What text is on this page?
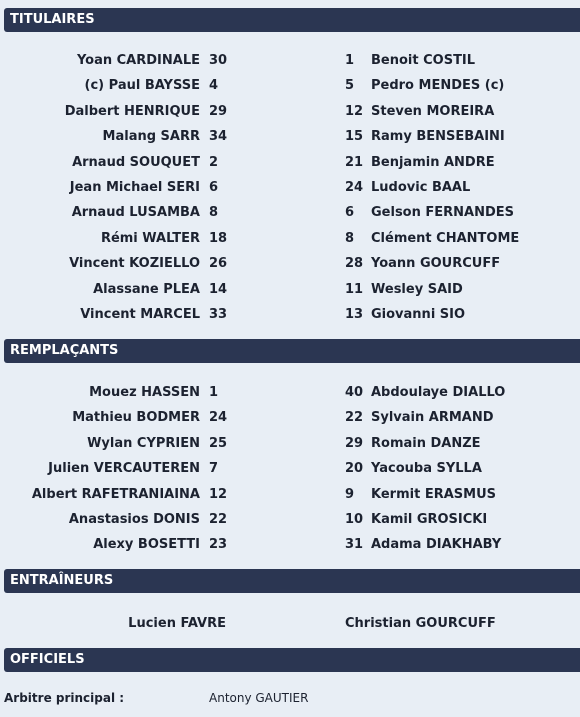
TITULAIRES
Yoan CARDINALE 30	1 Benoit COSTIL
(c) Paul BAYSSE 4	5 Pedro MENDES (c)
Dalbert HENRIQUE 29	12 Steven MOREIRA
Malang SARR 34	15 Ramy BENSEBAINI
Arnaud SOUQUET 2	21 Benjamin ANDRE
Jean Michael SERI 6	24 Ludovic BAAL
Arnaud LUSAMBA 8	6 Gelson FERNANDES
Rémi WALTER 18	8 Clément CHANTOME
Vincent KOZIELLO 26	28 Yoann GOURCUFF
Alassane PLEA 14	11 Wesley SAID
Vincent MARCEL 33	13 Giovanni SIO
REMPLAÇANTS
Mouez HASSEN 1	40 Abdoulaye DIALLO
Mathieu BODMER 24	22 Sylvain ARMAND
Wylan CYPRIEN 25	29 Romain DANZE
Julien VERCAUTEREN 7	20 Yacouba SYLLA
Albert RAFETRANIAINA 12	9 Kermit ERASMUS
Anastasios DONIS 22	10 Kamil GROSICKI
Alexy BOSETTI 23	31 Adama DIAKHABY
ENTRAÎNEURS
Lucien FAVRE	Christian GOURCUFF
OFFICIELS
Arbitre principal :	Antony GAUTIER
